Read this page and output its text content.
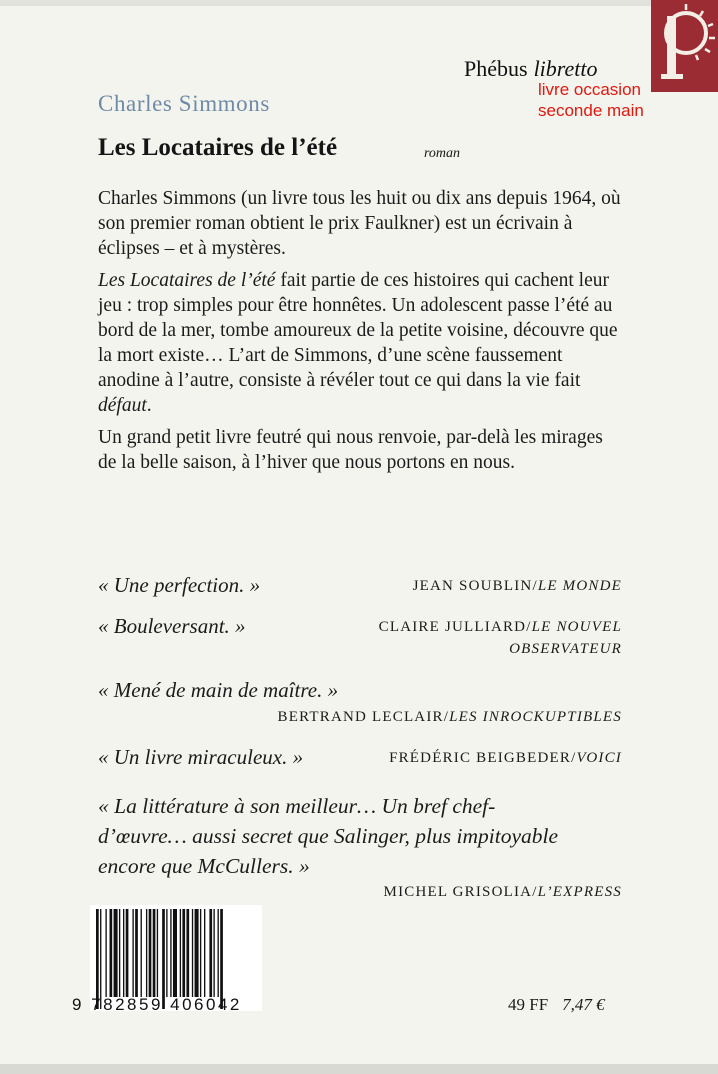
Phébus libretto
livre occasion
seconde main
Charles Simmons
Les Locataires de l’été	roman

Charles Simmons (un livre tous les huit ou dix ans depuis 1964, où son premier roman obtient le prix Faulkner) est un écrivain à éclipses – et à mystères.

Les Locataires de l’été fait partie de ces histoires qui cachent leur jeu : trop simples pour être honnêtes. Un adolescent passe l’été au bord de la mer, tombe amoureux de la petite voisine, découvre que la mort existe… L’art de Simmons, d’une scène faussement anodine à l’autre, consiste à révéler tout ce qui dans la vie fait défaut.

Un grand petit livre feutré qui nous renvoie, par-delà les mirages de la belle saison, à l’hiver que nous portons en nous.

« Une perfection. »	JEAN SOUBLIN/LE MONDE
« Bouleversant. »	CLAIRE JULLIARD/LE NOUVEL
OBSERVATEUR
« Mené de main de maître. »
BERTRAND LECLAIR/LES INROCKUPTIBLES
« Un livre miraculeux. »	FRÉDÉRIC BEIGBEDER/VOICI
« La littérature à son meilleur… Un bref chef-d’œuvre… aussi secret que Salinger, plus impitoyable encore que McCullers. »
MICHEL GRISOLIA/L’EXPRESS
9 782859 406042	49 FF 7,47 €
